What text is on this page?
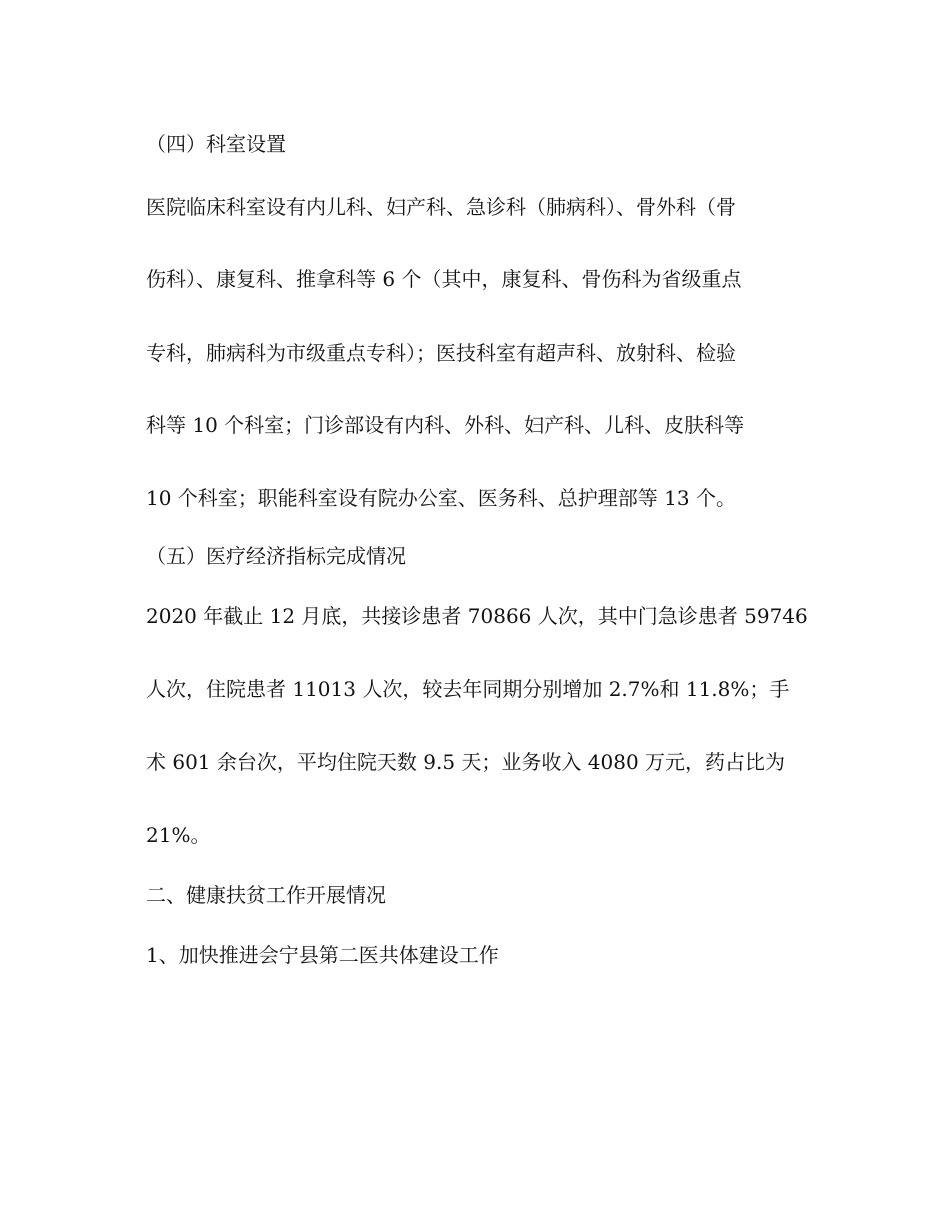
（四）科室设置
医院临床科室设有内儿科、妇产科、急诊科（肺病科）、骨外科（骨
伤科）、康复科、推拿科等 6 个（其中，康复科、骨伤科为省级重点
专科，肺病科为市级重点专科）；医技科室有超声科、放射科、检验
科等 10 个科室；门诊部设有内科、外科、妇产科、儿科、皮肤科等
10 个科室；职能科室设有院办公室、医务科、总护理部等 13 个。
（五）医疗经济指标完成情况
2020 年截止 12 月底，共接诊患者 70866 人次，其中门急诊患者 59746
人次，住院患者 11013 人次，较去年同期分别增加 2.7%和 11.8%；手
术 601 余台次，平均住院天数 9.5 天；业务收入 4080 万元，药占比为
21%。
二、健康扶贫工作开展情况
1、加快推进会宁县第二医共体建设工作
